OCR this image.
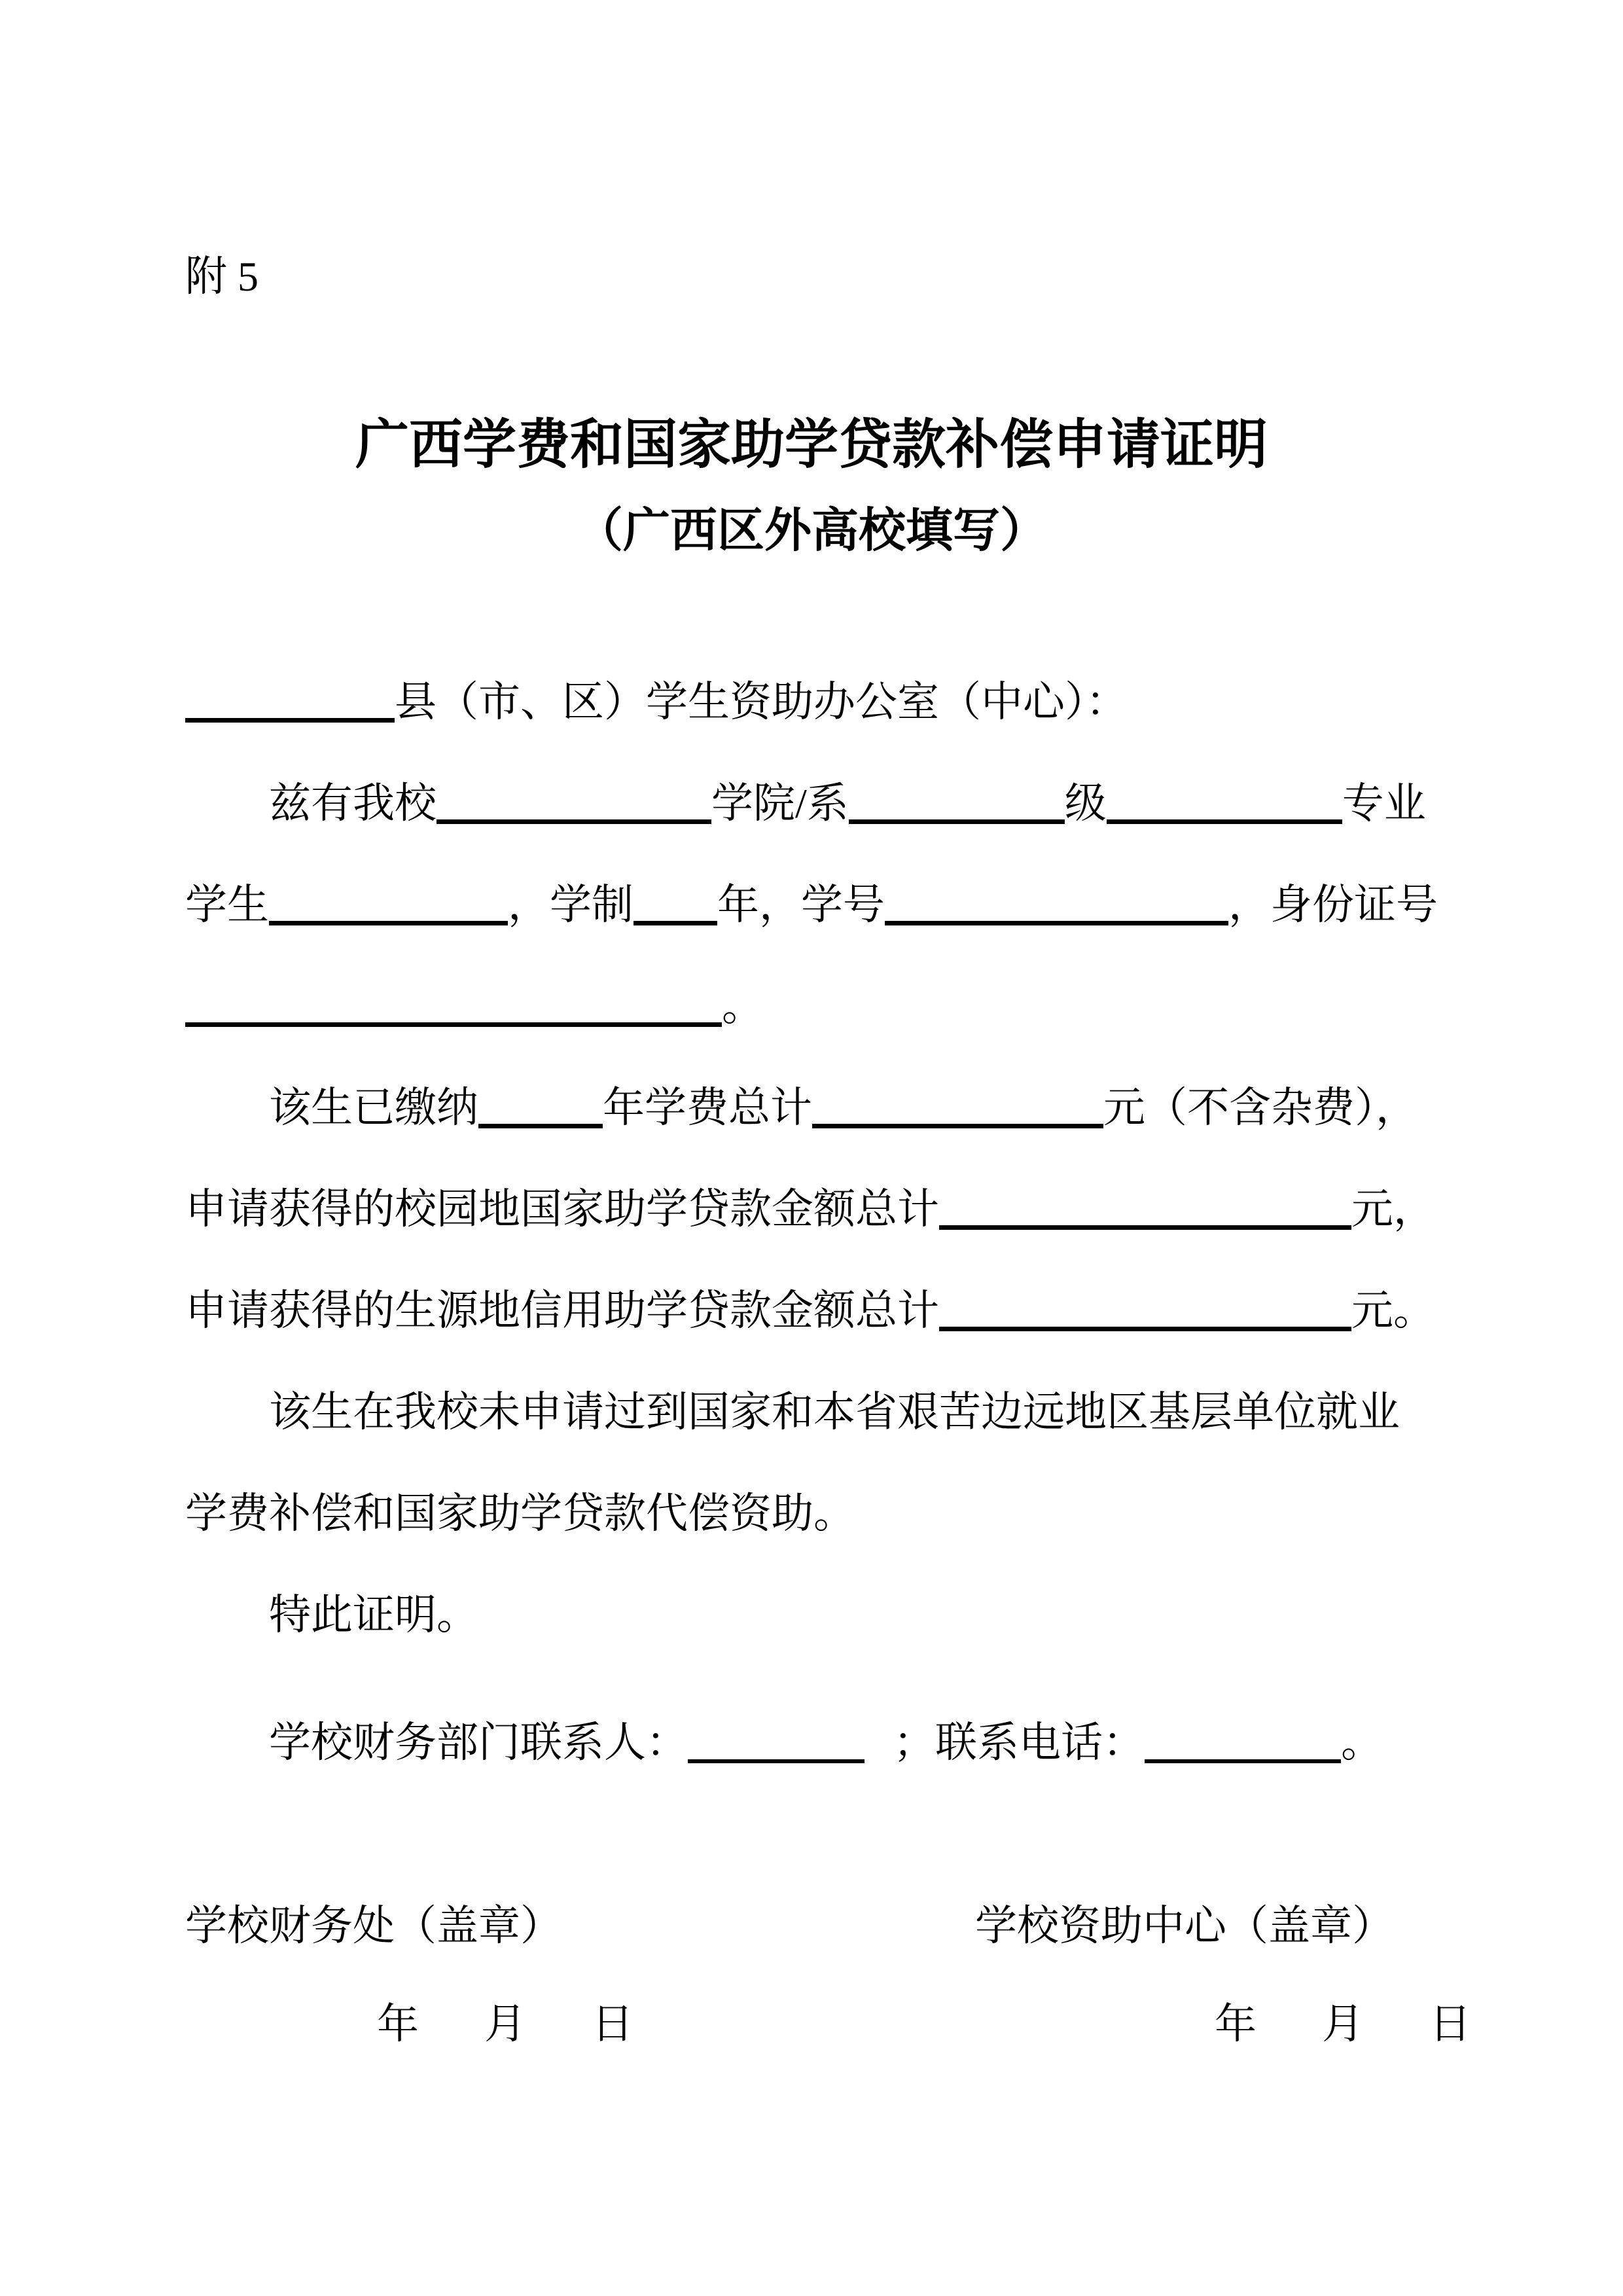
附 5
广西学费和国家助学贷款补偿申请证明
（广西区外高校填写）
县（市、区）学生资助办公室（中心）：
兹有我校	学院/系	级	专业
学生	，学制 年，学号	，身份证号
。
该生已缴纳	年学费总计	元（不含杂费），
申请获得的校园地国家助学贷款金额总计	元，
申请获得的生源地信用助学贷款金额总计	元。
该生在我校未申请过到国家和本省艰苦边远地区基层单位就业
学费补偿和国家助学贷款代偿资助。
特此证明。
学校财务部门联系人：	；联系电话：	。
学校财务处（盖章）	学校资助中心（盖章）
年 月 日	年 月 日
